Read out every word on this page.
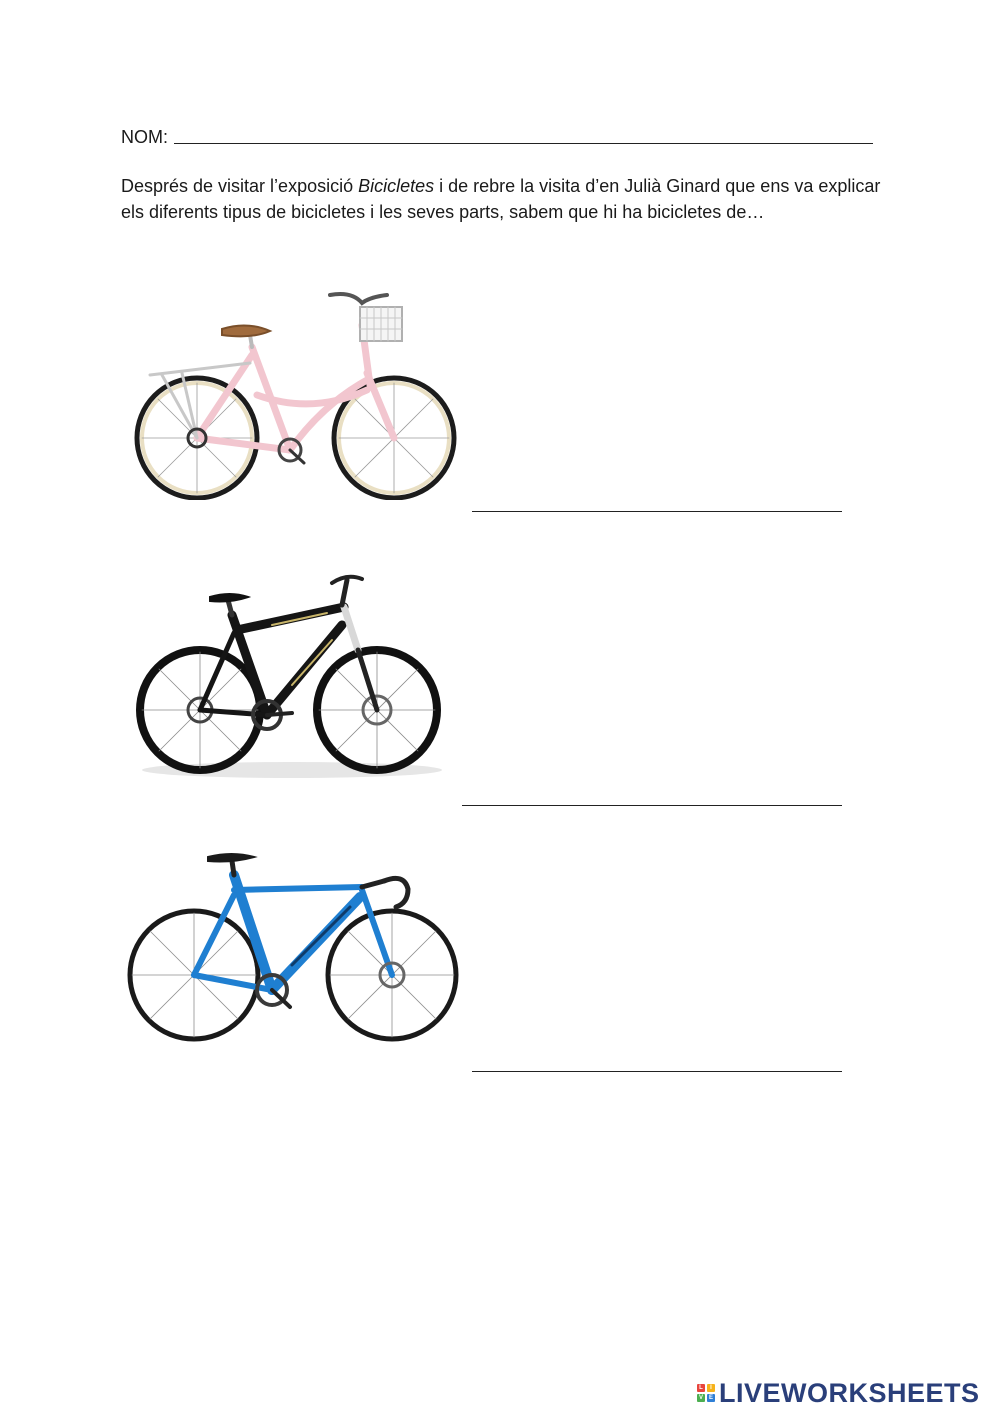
NOM:
Després de visitar l’exposició Bicicletes i de rebre la visita d’en Julià Ginard que ens va explicar els diferents tipus de bicicletes i les seves parts, sabem que hi ha bicicletes de…
L	I
V E LIVEWORKSHEETS
